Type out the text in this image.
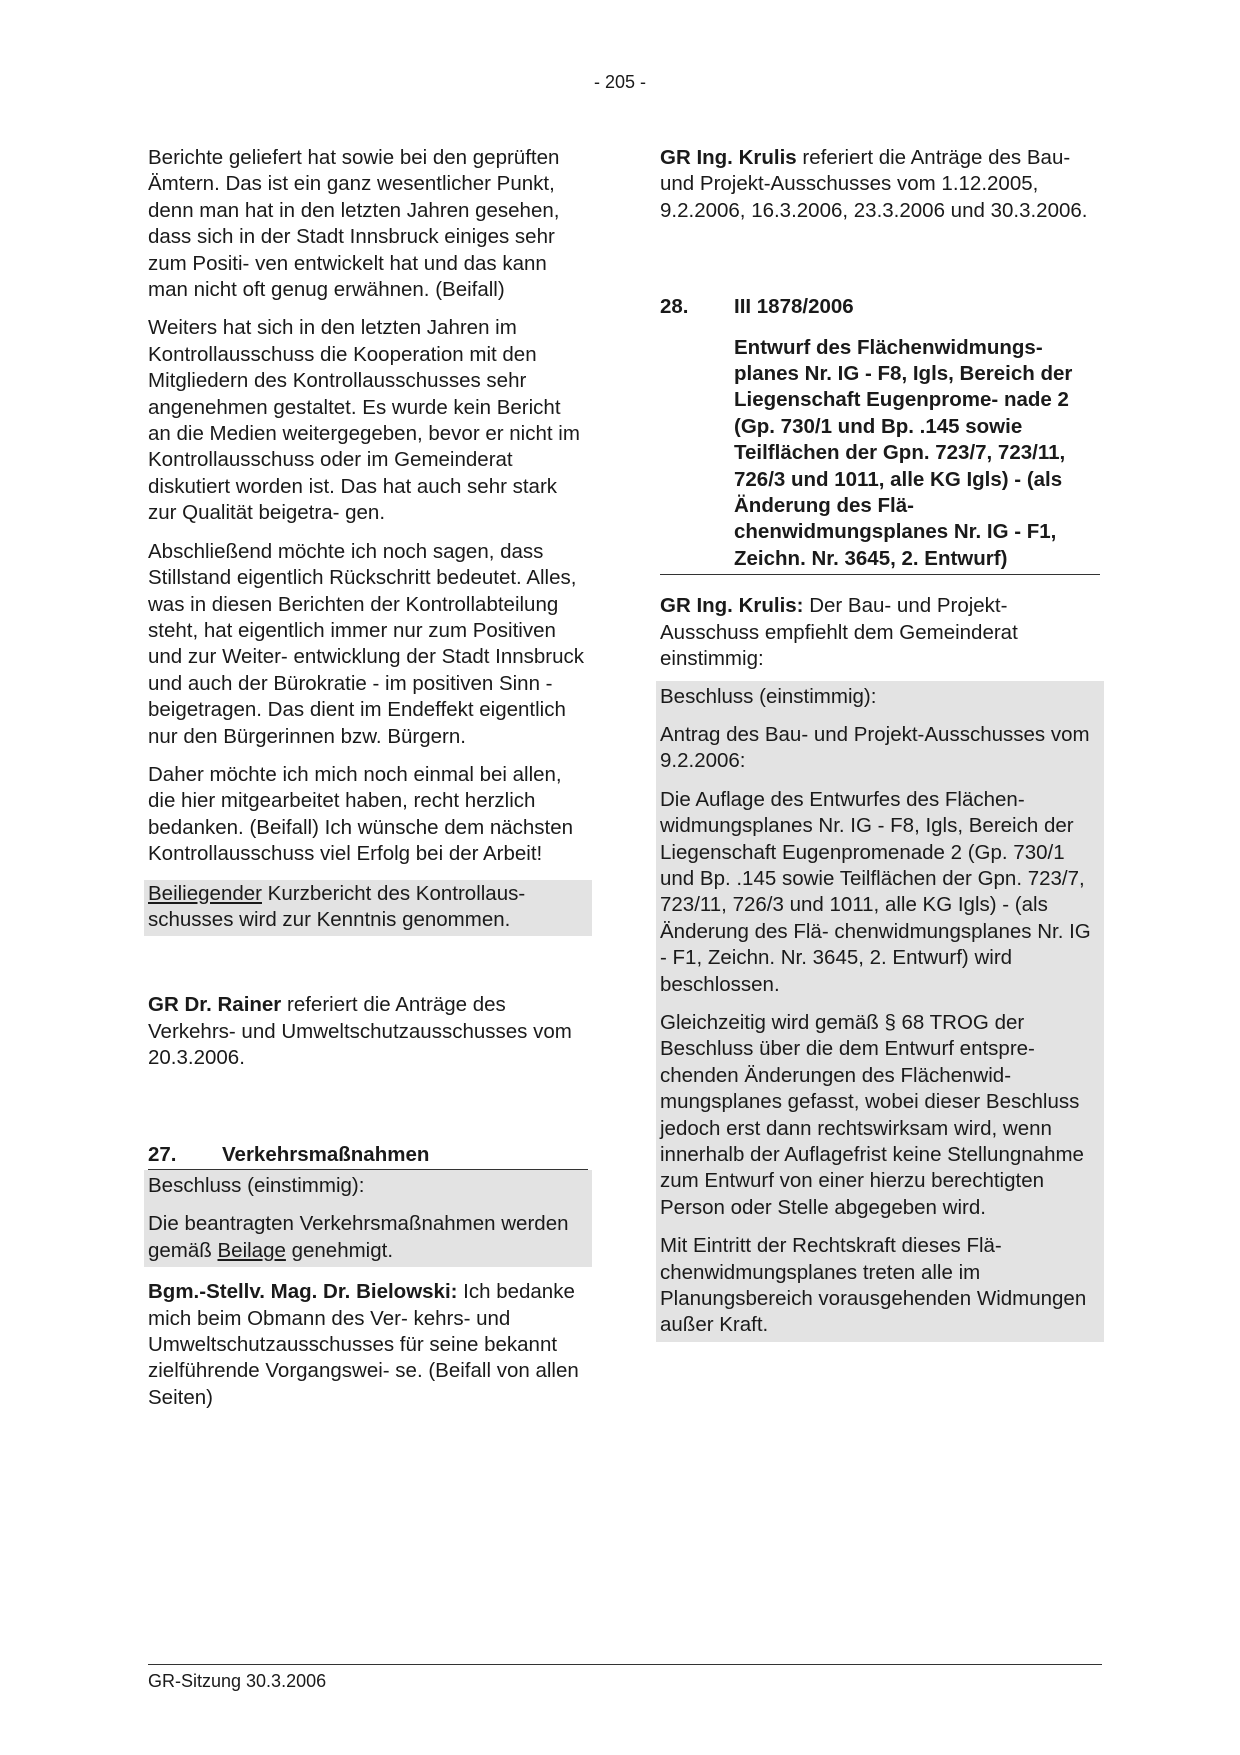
- 205 -

Berichte geliefert hat sowie bei den geprüften Ämtern. Das ist ein ganz wesentlicher Punkt, denn man hat in den letzten Jahren gesehen, dass sich in der Stadt Innsbruck einiges sehr zum Positi- ven entwickelt hat und das kann man nicht oft genug erwähnen. (Beifall)

Weiters hat sich in den letzten Jahren im Kontrollausschuss die Kooperation mit den Mitgliedern des Kontrollausschusses sehr angenehmen gestaltet. Es wurde kein Bericht an die Medien weitergegeben, bevor er nicht im Kontrollausschuss oder im Gemeinderat diskutiert worden ist. Das hat auch sehr stark zur Qualität beigetra- gen.

Abschließend möchte ich noch sagen, dass Stillstand eigentlich Rückschritt bedeutet. Alles, was in diesen Berichten der Kontrollabteilung steht, hat eigentlich immer nur zum Positiven und zur Weiter- entwicklung der Stadt Innsbruck und auch der Bürokratie - im positiven Sinn - beigetragen. Das dient im Endeffekt eigentlich nur den Bürgerinnen bzw. Bürgern.

Daher möchte ich mich noch einmal bei allen, die hier mitgearbeitet haben, recht herzlich bedanken. (Beifall) Ich wünsche dem nächsten Kontrollausschuss viel Erfolg bei der Arbeit!

Beiliegender Kurzbericht des Kontrollaus- schusses wird zur Kenntnis genommen.

GR Dr. Rainer referiert die Anträge des Verkehrs- und Umweltschutzausschusses vom 20.3.2006.

27.	Verkehrsmaßnahmen

Beschluss (einstimmig):

Die beantragten Verkehrsmaßnahmen werden gemäß Beilage genehmigt.

Bgm.-Stellv. Mag. Dr. Bielowski: Ich bedanke mich beim Obmann des Ver- kehrs- und Umweltschutzausschusses für seine bekannt zielführende Vorgangswei- se. (Beifall von allen Seiten)

GR Ing. Krulis referiert die Anträge des Bau- und Projekt-Ausschusses vom 1.12.2005, 9.2.2006, 16.3.2006, 23.3.2006 und 30.3.2006.

28.	III 1878/2006
Entwurf des Flächenwidmungs- planes Nr. IG - F8, Igls, Bereich der Liegenschaft Eugenprome- nade 2 (Gp. 730/1 und Bp. .145 sowie Teilflächen der Gpn. 723/7, 723/11, 726/3 und 1011, alle KG Igls) - (als Änderung des Flä- chenwidmungsplanes Nr. IG - F1, Zeichn. Nr. 3645, 2. Entwurf)

GR Ing. Krulis: Der Bau- und Projekt- Ausschuss empfiehlt dem Gemeinderat einstimmig:

Beschluss (einstimmig):

Antrag des Bau- und Projekt-Ausschusses vom 9.2.2006:

Die Auflage des Entwurfes des Flächen- widmungsplanes Nr. IG - F8, Igls, Bereich der Liegenschaft Eugenpromenade 2 (Gp. 730/1 und Bp. .145 sowie Teilflächen der Gpn. 723/7, 723/11, 726/3 und 1011, alle KG Igls) - (als Änderung des Flä- chenwidmungsplanes Nr. IG - F1, Zeichn. Nr. 3645, 2. Entwurf) wird beschlossen.

Gleichzeitig wird gemäß § 68 TROG der Beschluss über die dem Entwurf entspre- chenden Änderungen des Flächenwid- mungsplanes gefasst, wobei dieser Beschluss jedoch erst dann rechtswirksam wird, wenn innerhalb der Auflagefrist keine Stellungnahme zum Entwurf von einer hierzu berechtigten Person oder Stelle abgegeben wird.

Mit Eintritt der Rechtskraft dieses Flä- chenwidmungsplanes treten alle im Planungsbereich vorausgehenden Widmungen außer Kraft.

GR-Sitzung 30.3.2006
